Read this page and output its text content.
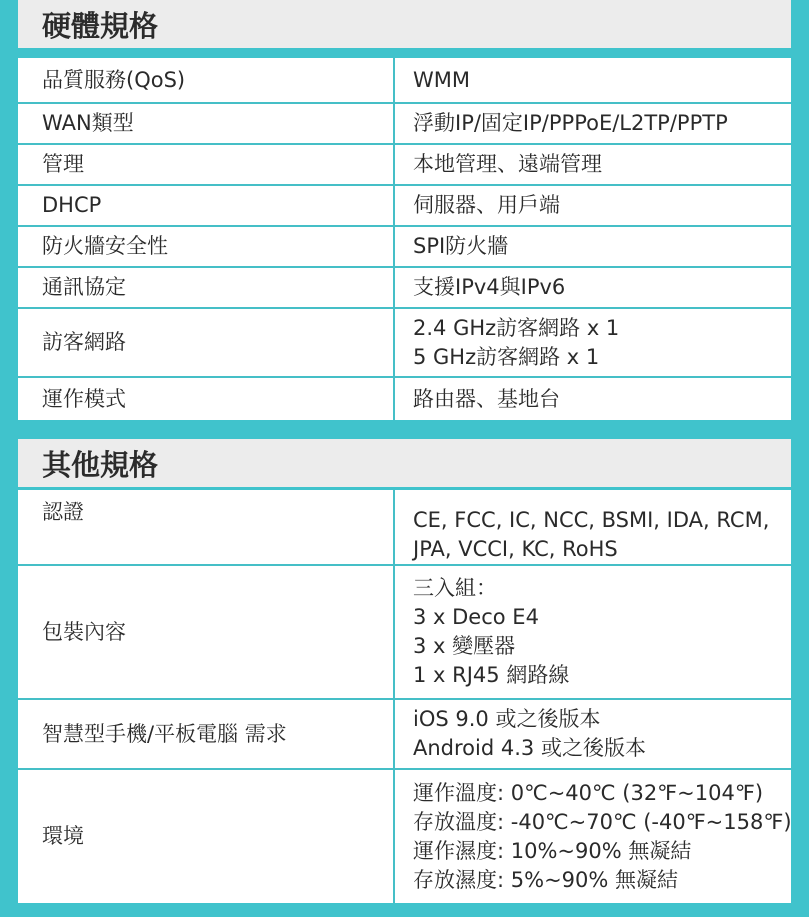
硬體規格
品質服務(QoS)	WMM

WAN類型	浮動IP/固定IP/PPPoE/L2TP/PPTP

管理	本地管理、遠端管理

DHCP	伺服器、用戶端

防火牆安全性	SPI防火牆

通訊協定	支援IPv4與IPv6

訪客網路	2.4 GHz訪客網路 x 1
5 GHz訪客網路 x 1

運作模式	路由器、基地台
其他規格
認證	CE, FCC, IC, NCC, BSMI, IDA, RCM,
JPA, VCCI, KC, RoHS

包裝內容	三入組：
3 x Deco E4
3 x 變壓器
1 x RJ45 網路線

智慧型手機/平板電腦 需求	iOS 9.0 或之後版本
Android 4.3 或之後版本

環境	運作溫度: 0℃~40℃ (32℉~104℉)
存放溫度: -40℃~70℃ (-40℉~158℉)
運作濕度: 10%~90% 無凝結
存放濕度: 5%~90% 無凝結
